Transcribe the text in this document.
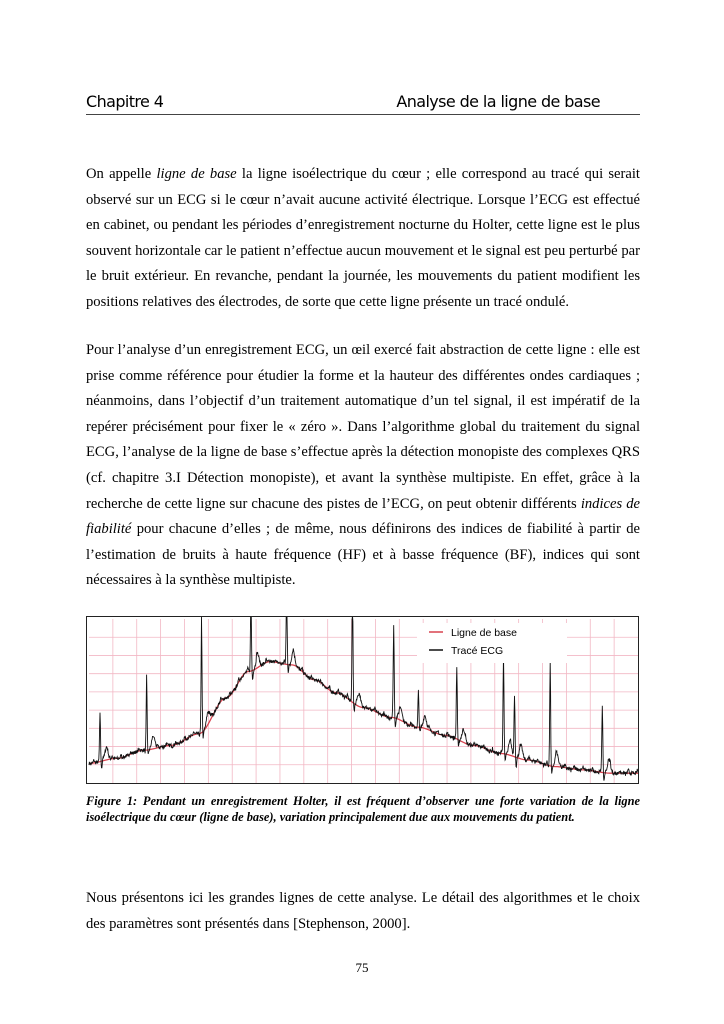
Chapitre 4	Analyse de la ligne de base

On appelle ligne de base la ligne isoélectrique du cœur ; elle correspond au tracé qui serait observé sur un ECG si le cœur n’avait aucune activité électrique. Lorsque l’ECG est effectué en cabinet, ou pendant les périodes d’enregistrement nocturne du Holter, cette ligne est le plus souvent horizontale car le patient n’effectue aucun mouvement et le signal est peu perturbé par le bruit extérieur. En revanche, pendant la journée, les mouvements du patient modifient les positions relatives des électrodes, de sorte que cette ligne présente un tracé ondulé.

Pour l’analyse d’un enregistrement ECG, un œil exercé fait abstraction de cette ligne : elle est prise comme référence pour étudier la forme et la hauteur des différentes ondes cardiaques ; néanmoins, dans l’objectif d’un traitement automatique d’un tel signal, il est impératif de la repérer précisément pour fixer le « zéro ». Dans l’algorithme global du traitement du signal ECG, l’analyse de la ligne de base s’effectue après la détection monopiste des complexes QRS (cf. chapitre 3.I Détection monopiste), et avant la synthèse multipiste. En effet, grâce à la recherche de cette ligne sur chacune des pistes de l’ECG, on peut obtenir différents indices de fiabilité pour chacune d’elles ; de même, nous définirons des indices de fiabilité à partir de l’estimation de bruits à haute fréquence (HF) et à basse fréquence (BF), indices qui sont nécessaires à la synthèse multipiste.

Ligne de base
Tracé ECG

Figure 1: Pendant un enregistrement Holter, il est fréquent d’observer une forte variation de la ligne isoélectrique du cœur (ligne de base), variation principalement due aux mouvements du patient.

Nous présentons ici les grandes lignes de cette analyse. Le détail des algorithmes et le choix des paramètres sont présentés dans [Stephenson, 2000].

75
